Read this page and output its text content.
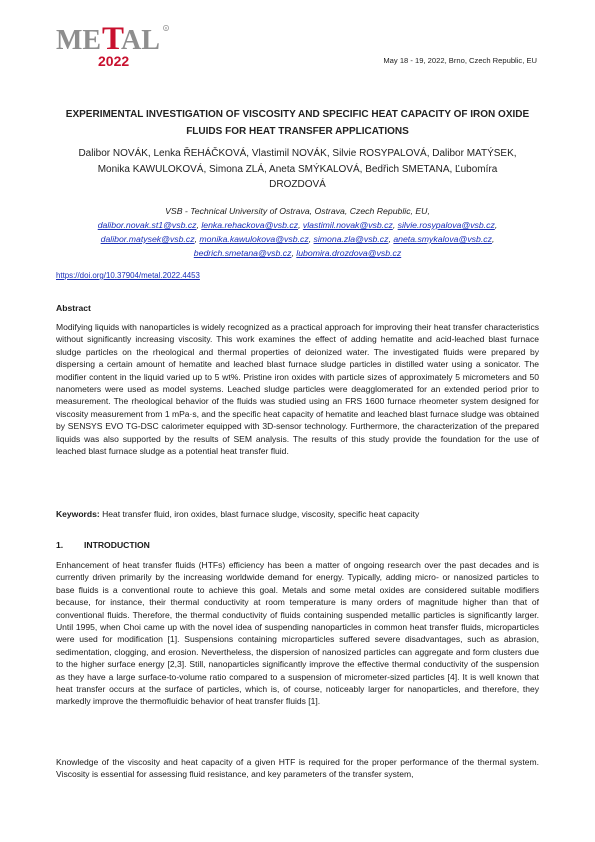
ME T
AL R
2022	May 18 - 19, 2022, Brno, Czech Republic, EU
EXPERIMENTAL INVESTIGATION OF VISCOSITY AND SPECIFIC HEAT CAPACITY OF IRON OXIDE FLUIDS FOR HEAT TRANSFER APPLICATIONS
Dalibor NOVÁK, Lenka ŘEHÁČKOVÁ, Vlastimil NOVÁK, Silvie ROSYPALOVÁ, Dalibor MATÝSEK, Monika KAWULOKOVÁ, Simona ZLÁ, Aneta SMÝKALOVÁ, Bedřich SMETANA, Ľubomíra DROZDOVÁ
VSB - Technical University of Ostrava, Ostrava, Czech Republic, EU,
dalibor.novak.st1@vsb.cz, lenka.rehackova@vsb.cz, vlastimil.novak@vsb.cz, silvie.rosypalova@vsb.cz,
dalibor.matysek@vsb.cz, monika.kawulokova@vsb.cz, simona.zla@vsb.cz, aneta.smykalova@vsb.cz,
bedrich.smetana@vsb.cz, lubomira.drozdova@vsb.cz
https://doi.org/10.37904/metal.2022.4453
Abstract
Modifying liquids with nanoparticles is widely recognized as a practical approach for improving their heat transfer characteristics without significantly increasing viscosity. This work examines the effect of adding hematite and acid-leached blast furnace sludge particles on the rheological and thermal properties of deionized water. The investigated fluids were prepared by dispersing a certain amount of hematite and leached blast furnace sludge particles in distilled water using a sonicator. The modifier content in the liquid varied up to 5 wt%. Pristine iron oxides with particle sizes of approximately 5 micrometers and 50 nanometers were used as model systems. Leached sludge particles were deagglomerated for an extended period prior to measurement. The rheological behavior of the fluids was studied using an FRS 1600 furnace rheometer system designed for viscosity measurement from 1 mPa·s, and the specific heat capacity of hematite and leached blast furnace sludge was obtained by SENSYS EVO TG-DSC calorimeter equipped with 3D-sensor technology. Furthermore, the characterization of the prepared liquids was also supported by the results of SEM analysis. The results of this study provide the foundation for the use of leached blast furnace sludge as a potential heat transfer fluid.
Keywords: Heat transfer fluid, iron oxides, blast furnace sludge, viscosity, specific heat capacity
1. INTRODUCTION
Enhancement of heat transfer fluids (HTFs) efficiency has been a matter of ongoing research over the past decades and is currently driven primarily by the increasing worldwide demand for energy. Typically, adding micro- or nanosized particles to base fluids is a conventional route to achieve this goal. Metals and some metal oxides are considered suitable modifiers because, for instance, their thermal conductivity at room temperature is many orders of magnitude higher than that of conventional fluids. Therefore, the thermal conductivity of fluids containing suspended metallic particles is significantly larger. Until 1995, when Choi came up with the novel idea of suspending nanoparticles in common heat transfer fluids, microparticles were used for modification [1]. Suspensions containing microparticles suffered severe disadvantages, such as abrasion, sedimentation, clogging, and erosion. Nevertheless, the dispersion of nanosized particles can aggregate and form clusters due to the higher surface energy [2,3]. Still, nanoparticles significantly improve the effective thermal conductivity of the suspension as they have a large surface-to-volume ratio compared to a suspension of micrometer-sized particles [4]. It is well known that heat transfer occurs at the surface of particles, which is, of course, noticeably larger for nanoparticles, and therefore, they markedly improve the thermofluidic behavior of heat transfer fluids [1].
Knowledge of the viscosity and heat capacity of a given HTF is required for the proper performance of the thermal system. Viscosity is essential for assessing fluid resistance, and key parameters of the transfer system,
